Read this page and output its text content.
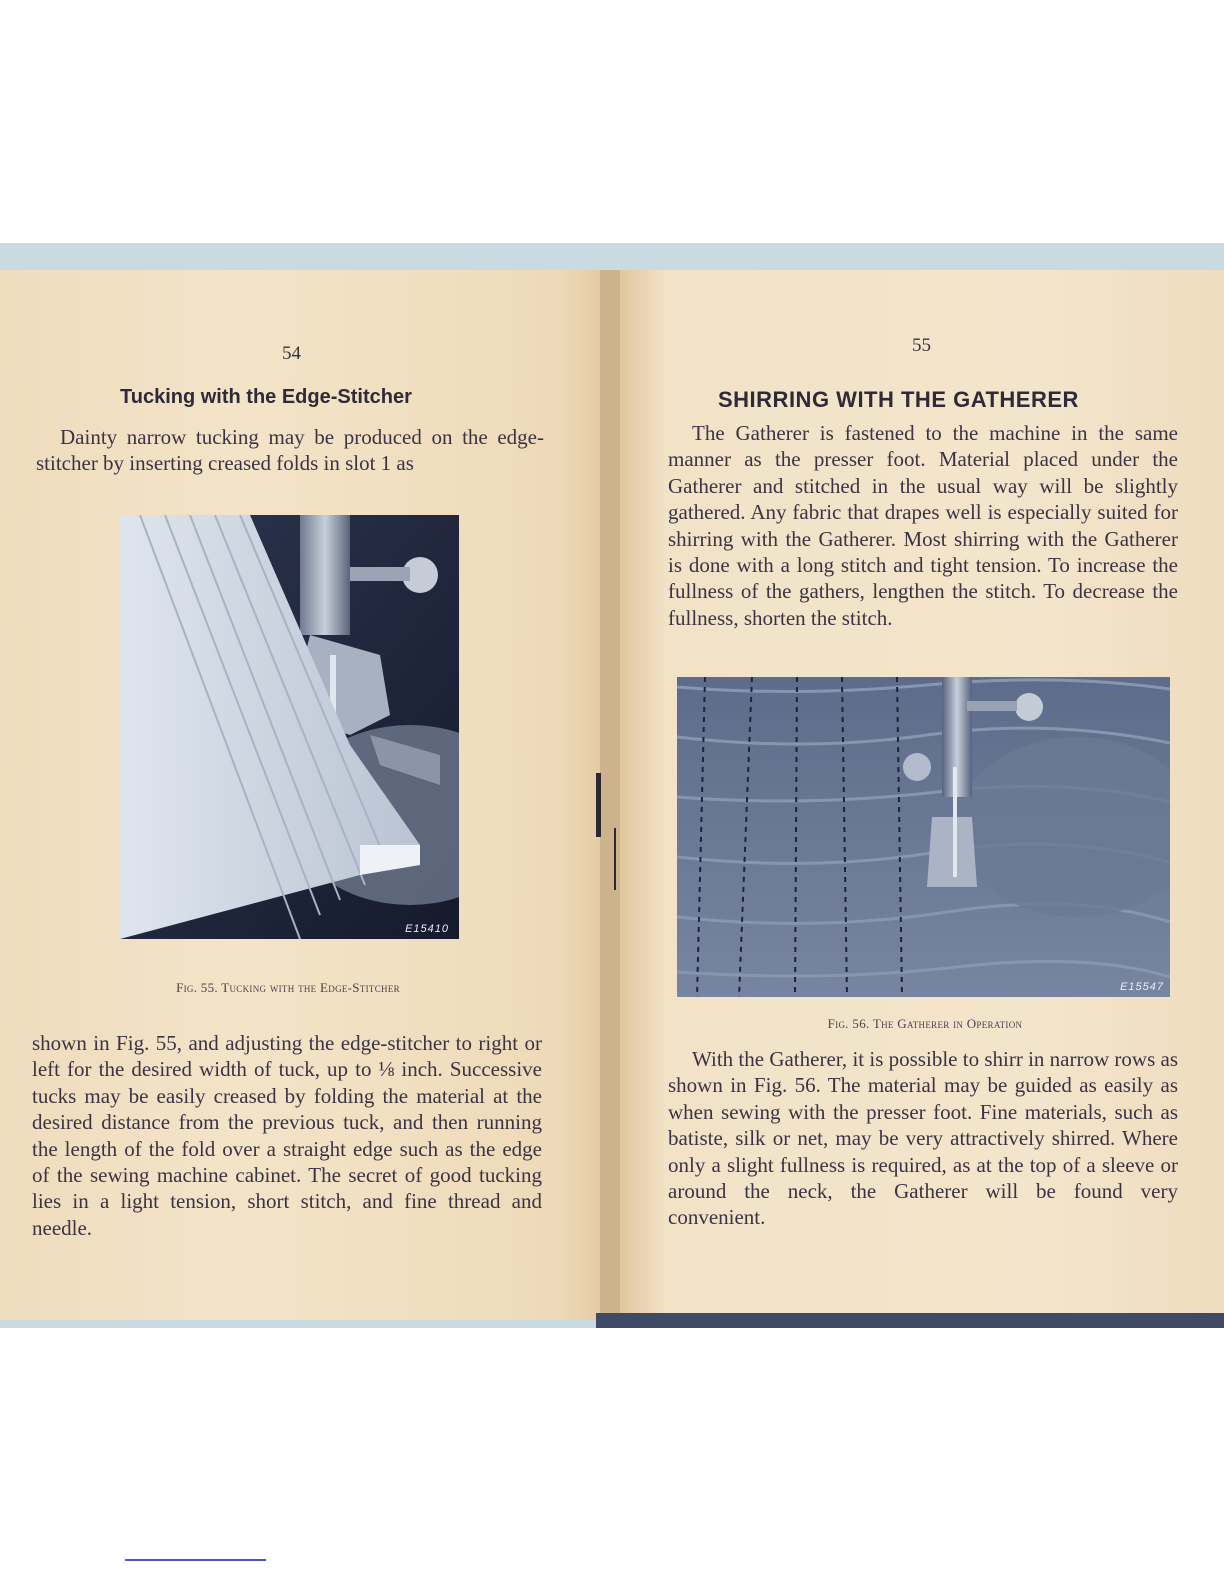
54
Tucking with the Edge-Stitcher

Dainty narrow tucking may be produced on the edge-stitcher by inserting creased folds in slot 1 as

E15410
Fig. 55. Tucking with the Edge-Stitcher

shown in Fig. 55, and adjusting the edge-stitcher to right or left for the desired width of tuck, up to ⅛ inch. Successive tucks may be easily creased by folding the material at the desired distance from the previous tuck, and then running the length of the fold over a straight edge such as the edge of the sewing machine cabinet. The secret of good tucking lies in a light tension, short stitch, and fine thread and needle.

55
SHIRRING WITH THE GATHERER

The Gatherer is fastened to the machine in the same manner as the presser foot. Material placed under the Gatherer and stitched in the usual way will be slightly gathered. Any fabric that drapes well is especially suited for shirring with the Gatherer. Most shirring with the Gatherer is done with a long stitch and tight tension. To increase the fullness of the gathers, lengthen the stitch. To decrease the fullness, shorten the stitch.

E15547
Fig. 56. The Gatherer in Operation

With the Gatherer, it is possible to shirr in narrow rows as shown in Fig. 56. The material may be guided as easily as when sewing with the presser foot. Fine materials, such as batiste, silk or net, may be very attractively shirred. Where only a slight fullness is required, as at the top of a sleeve or around the neck, the Gatherer will be found very convenient.
